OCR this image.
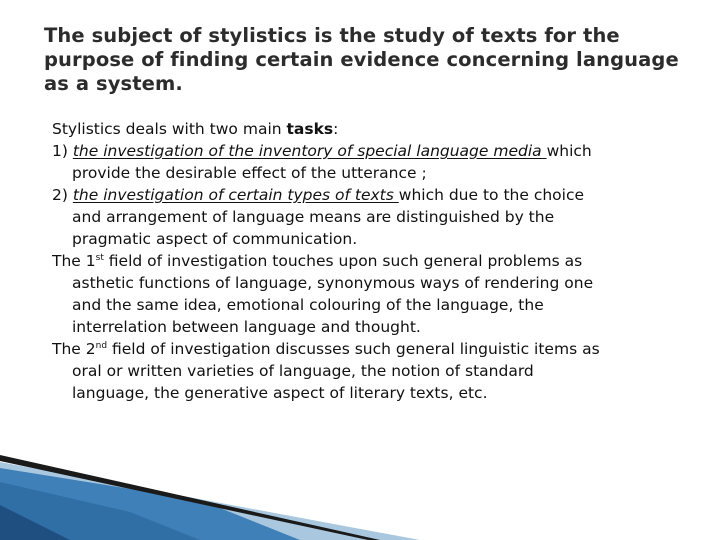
The subject of stylistics is the study of texts for the
purpose of finding certain evidence concerning language
as a system.
Stylistics deals with two main tasks:
1) the investigation of the inventory of special language media which
provide the desirable effect of the utterance ;
2) the investigation of certain types of texts which due to the choice
and arrangement of language means are distinguished by the
pragmatic aspect of communication.
The 1st field of investigation touches upon such general problems as
asthetic functions of language, synonymous ways of rendering one
and the same idea, emotional colouring of the language, the
interrelation between language and thought.
The 2nd field of investigation discusses such general linguistic items as
oral or written varieties of language, the notion of standard
language, the generative aspect of literary texts, etc.
